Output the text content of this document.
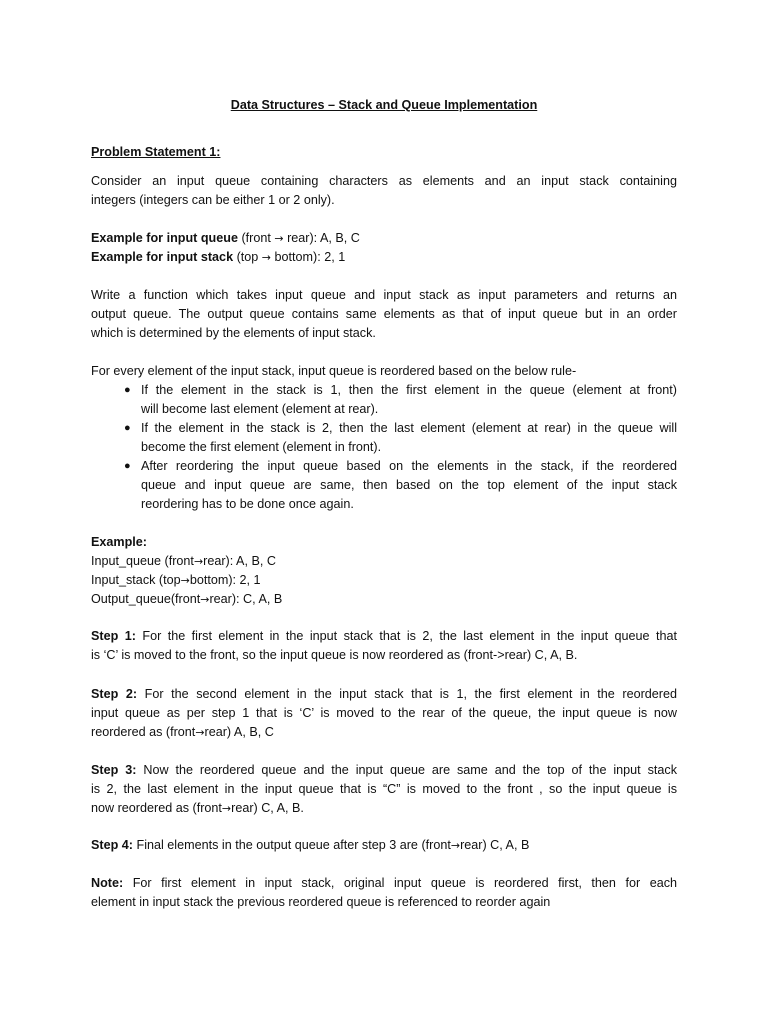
Data Structures – Stack and Queue Implementation

Problem Statement 1:
Consider an input queue containing characters as elements and an input stack containing
integers (integers can be either 1 or 2 only).
Example for input queue (front → rear): A, B, C
Example for input stack (top → bottom): 2, 1
Write a function which takes input queue and input stack as input parameters and returns an
output queue. The output queue contains same elements as that of input queue but in an order
which is determined by the elements of input stack.
For every element of the input stack, input queue is reordered based on the below rule-
● If the element in the stack is 1, then the first element in the queue (element at front)
will become last element (element at rear).
● If the element in the stack is 2, then the last element (element at rear) in the queue will
become the first element (element in front).
● After reordering the input queue based on the elements in the stack, if the reordered
queue and input queue are same, then based on the top element of the input stack
reordering has to be done once again.
Example:
Input_queue (front→rear): A, B, C
Input_stack (top→bottom): 2, 1
Output_queue(front→rear): C, A, B
Step 1: For the first element in the input stack that is 2, the last element in the input queue that
is ‘C’ is moved to the front, so the input queue is now reordered as (front->rear) C, A, B.
Step 2: For the second element in the input stack that is 1, the first element in the reordered
input queue as per step 1 that is ‘C’ is moved to the rear of the queue, the input queue is now
reordered as (front→rear) A, B, C
Step 3: Now the reordered queue and the input queue are same and the top of the input stack
is 2, the last element in the input queue that is “C” is moved to the front , so the input queue is
now reordered as (front→rear) C, A, B.
Step 4: Final elements in the output queue after step 3 are (front→rear) C, A, B
Note: For first element in input stack, original input queue is reordered first, then for each
element in input stack the previous reordered queue is referenced to reorder again
